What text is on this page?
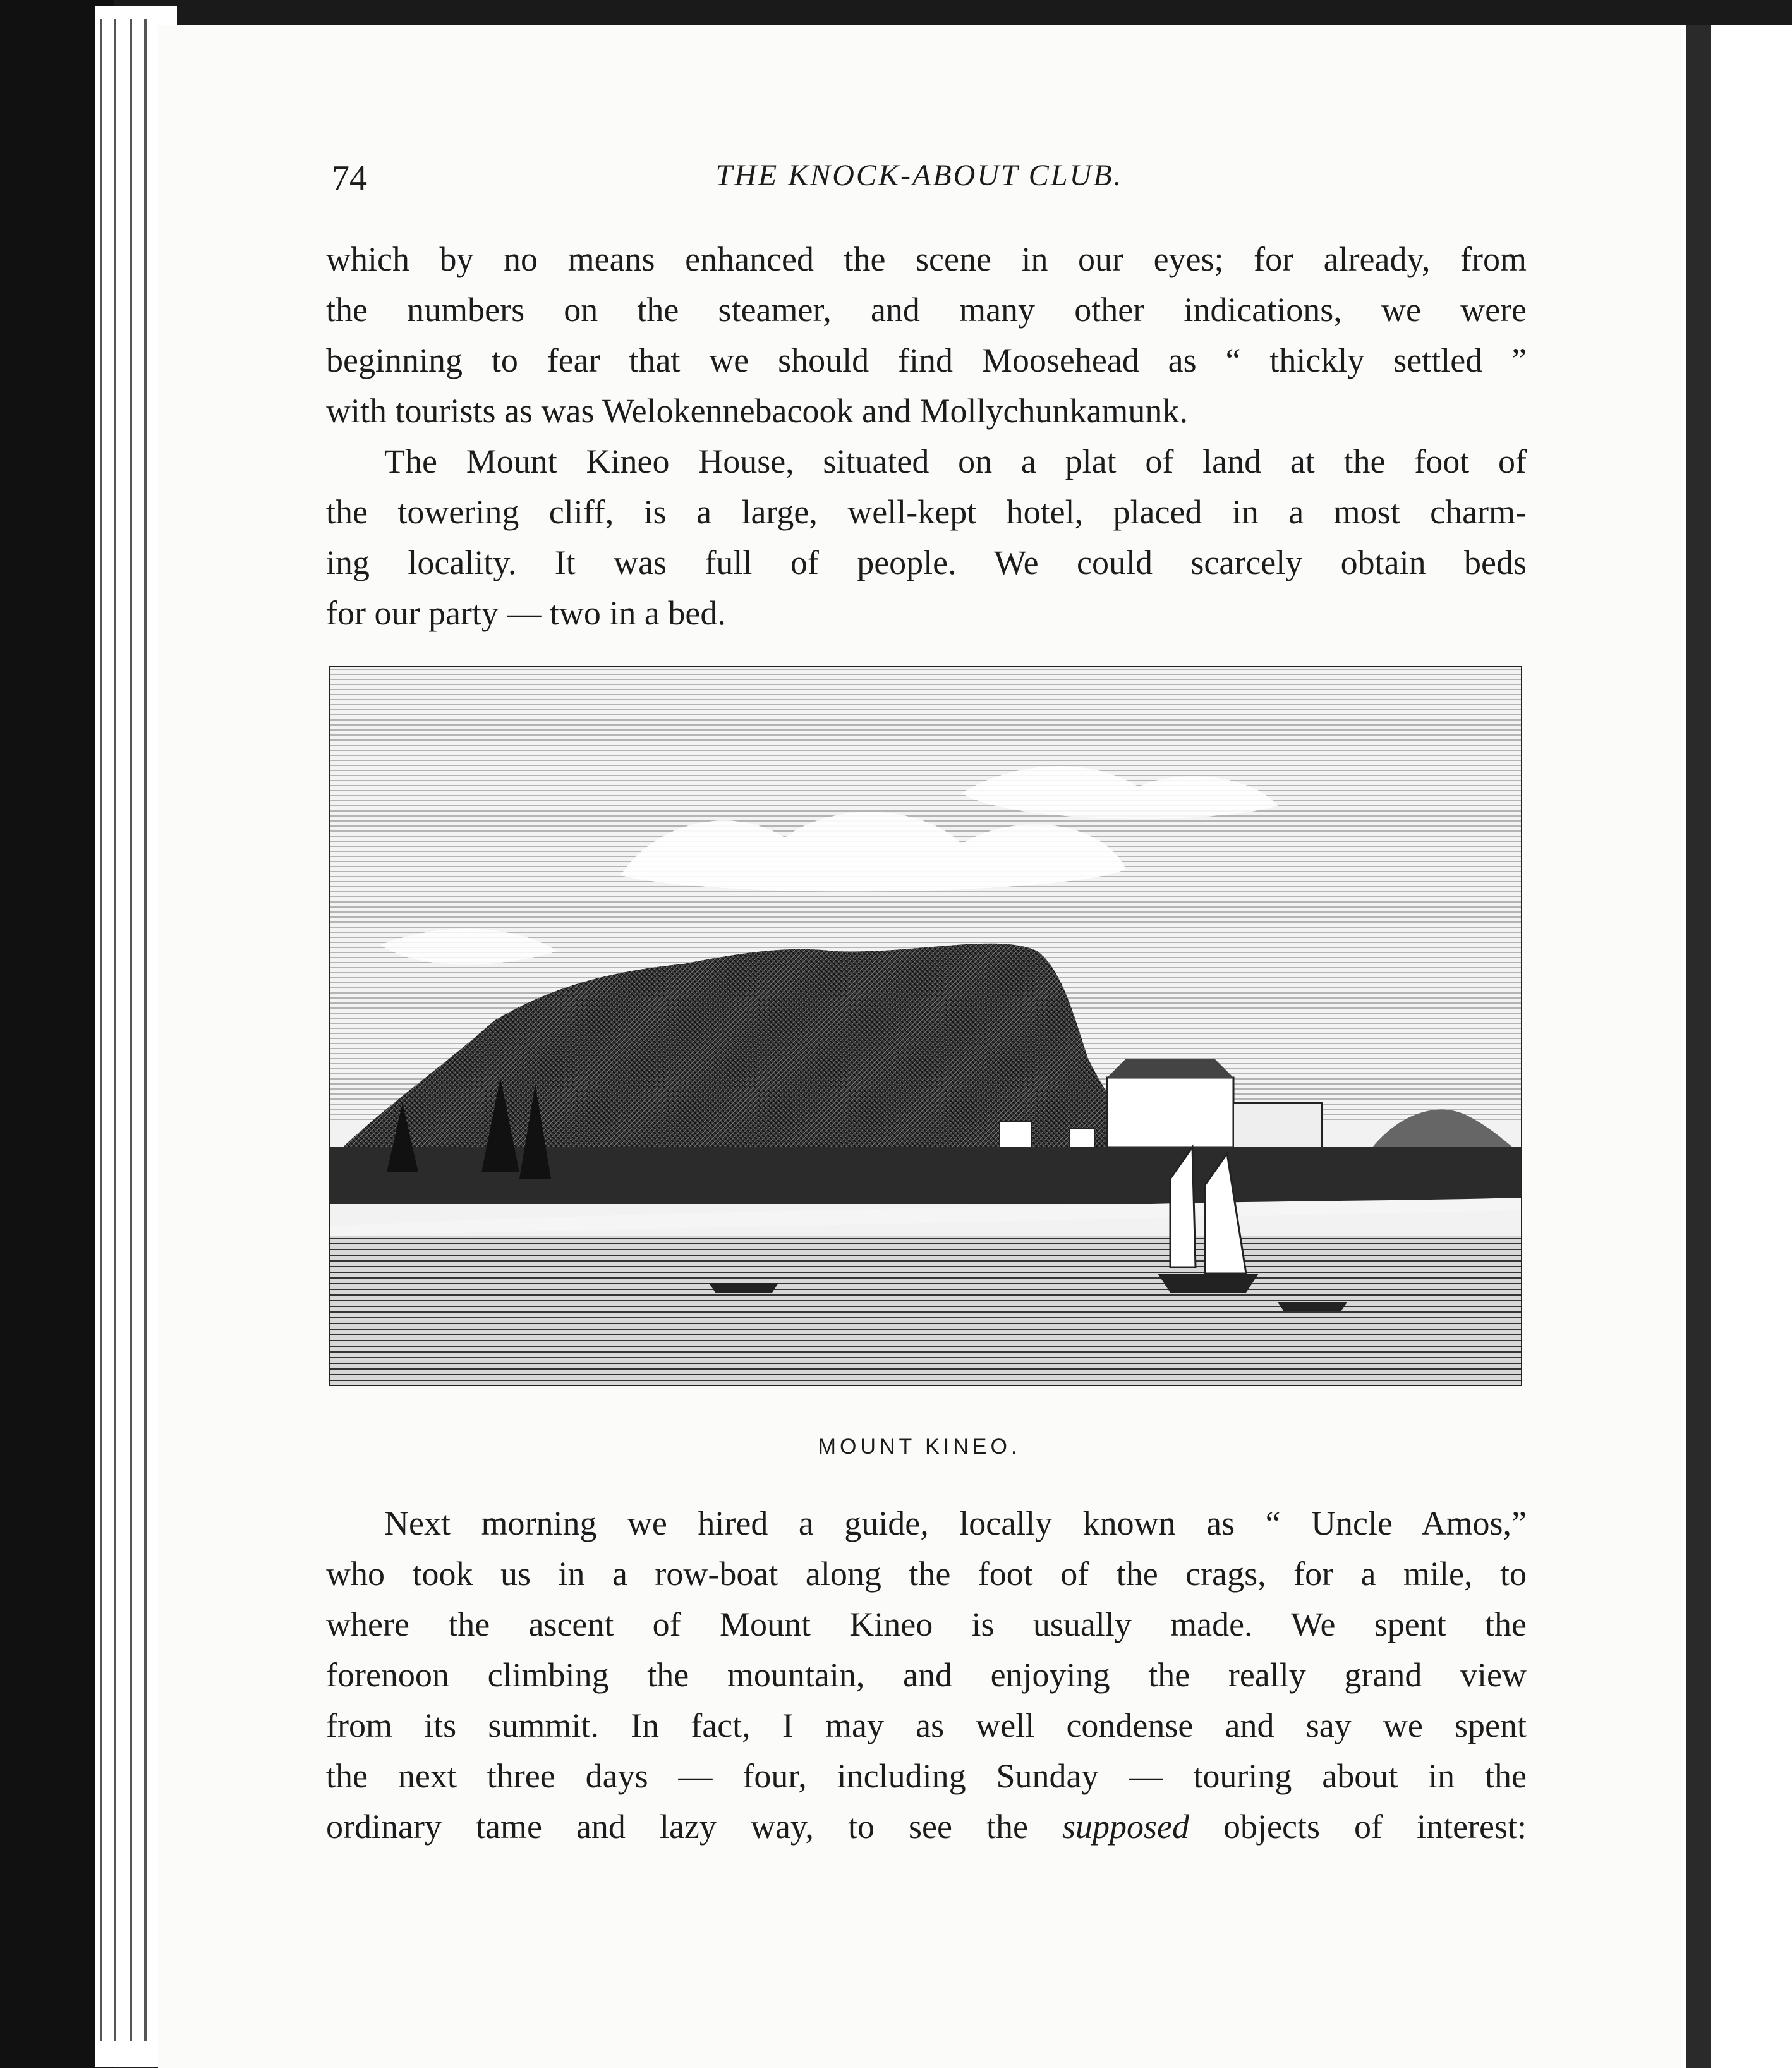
THE KNOCK-ABOUT CLUB.
74
which by no means enhanced the scene in our eyes; for already, from
the numbers on the steamer, and many other indications, we were
beginning to fear that we should find Moosehead as “ thickly settled ”
with tourists as was Welokennebacook and Mollychunkamunk.
The Mount Kineo House, situated on a plat of land at the foot of
the towering cliff, is a large, well-kept hotel, placed in a most charm-
ing locality. It was full of people. We could scarcely obtain beds
for our party — two in a bed.
MOUNT KINEO.
Next morning we hired a guide, locally known as “ Uncle Amos,”
who took us in a row-boat along the foot of the crags, for a mile, to
where the ascent of Mount Kineo is usually made. We spent the
forenoon climbing the mountain, and enjoying the really grand view
from its summit. In fact, I may as well condense and say we spent
the next three days — four, including Sunday — touring about in the
ordinary tame and lazy way, to see the supposed objects of interest:
